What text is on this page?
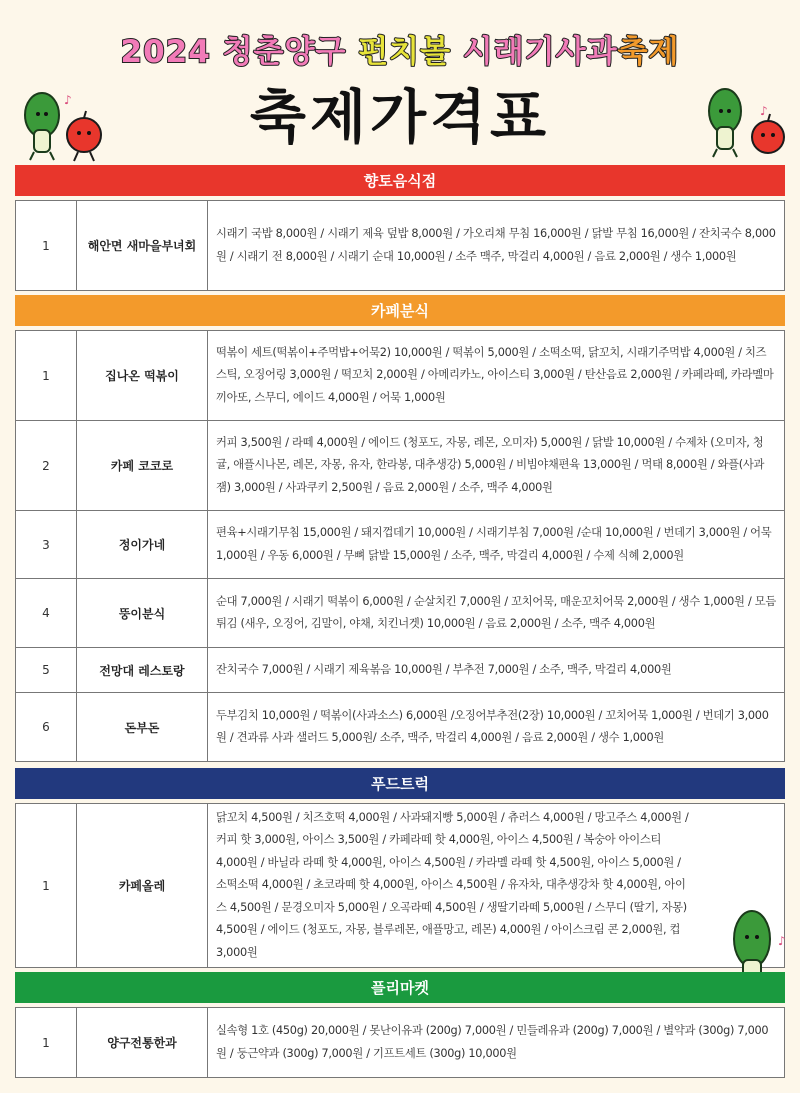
2024 청춘양구 펀치볼 시래기사과축제
축제가격표
♪
♪
향토음식점
1	해안면 새마을부녀회
시래기 국밥 8,000원 / 시래기 제육 덮밥 8,000원 / 가오리채 무침 16,000원 / 닭발 무침 16,000원 / 잔치국수 8,000원 / 시래기 전 8,000원 / 시래기 순대 10,000원 / 소주 맥주, 막걸리 4,000원 / 음료 2,000원 / 생수 1,000원
카페분식
1	집나온 떡볶이
떡볶이 세트(떡볶이+주먹밥+어묵2) 10,000원 / 떡볶이 5,000원 / 소떡소떡, 닭꼬치, 시래기주먹밥 4,000원 / 치즈스틱, 오징어링 3,000원 / 떡꼬치 2,000원 / 아메리카노, 아이스티 3,000원 / 탄산음료 2,000원 / 카페라떼, 카라멜마끼아또, 스무디, 에이드 4,000원 / 어묵 1,000원
2	카페 코코로
커피 3,500원 / 라떼 4,000원 / 에이드 (청포도, 자몽, 레몬, 오미자) 5,000원 / 닭발 10,000원 / 수제차 (오미자, 청귤, 애플시나몬, 레몬, 자몽, 유자, 한라봉, 대추생강) 5,000원 / 비빔야채편육 13,000원 / 먹태 8,000원 / 와플(사과잼) 3,000원 / 사과쿠키 2,500원 / 음료 2,000원 / 소주, 맥주 4,000원
3	정이가네
편육+시래기무침 15,000원 / 돼지껍데기 10,000원 / 시래기부침 7,000원 /순대 10,000원 / 번데기 3,000원 / 어묵 1,000원 / 우동 6,000원 / 무뼈 닭발 15,000원 / 소주, 맥주, 막걸리 4,000원 / 수제 식혜 2,000원
4	뚱이분식
순대 7,000원 / 시래기 떡볶이 6,000원 / 순살치킨 7,000원 / 꼬치어묵, 매운꼬치어묵 2,000원 / 생수 1,000원 / 모듬튀김 (새우, 오징어, 김말이, 야채, 치킨너겟) 10,000원 / 음료 2,000원 / 소주, 맥주 4,000원
5	전망대 레스토랑	잔치국수 7,000원 / 시래기 제육볶음 10,000원 / 부추전 7,000원 / 소주, 맥주, 막걸리 4,000원
6	돈부돈
두부김치 10,000원 / 떡볶이(사과소스) 6,000원 /오징어부추전(2장) 10,000원 / 꼬치어묵 1,000원 / 번데기 3,000원 / 견과류 사과 샐러드 5,000원/ 소주, 맥주, 막걸리 4,000원 / 음료 2,000원 / 생수 1,000원
푸드트럭
1	카페올레
닭꼬치 4,500원 / 치즈호떡 4,000원 / 사과돼지빵 5,000원 / 츄러스 4,000원 / 망고주스 4,000원 / 커피 핫 3,000원, 아이스 3,500원 / 카페라떼 핫 4,000원, 아이스 4,500원 / 복숭아 아이스티 4,000원 / 바닐라 라떼 핫 4,000원, 아이스 4,500원 / 카라멜 라떼 핫 4,500원, 아이스 5,000원 / 소떡소떡 4,000원 / 초코라떼 핫 4,000원, 아이스 4,500원 / 유자차, 대추생강차 핫 4,000원, 아이스 4,500원 / 문경오미자 5,000원 / 오곡라떼 4,500원 / 생딸기라떼 5,000원 / 스무디 (딸기, 자몽) 4,500원 / 에이드 (청포도, 자몽, 블루레몬, 애플망고, 레몬) 4,000원 / 아이스크림 콘 2,000원, 컵 3,000원
♪
플리마켓
1	양구전통한과
실속형 1호 (450g) 20,000원 / 못난이유과 (200g) 7,000원 / 민들레유과 (200g) 7,000원 / 별약과 (300g) 7,000원 / 둥근약과 (300g) 7,000원 / 기프트세트 (300g) 10,000원
